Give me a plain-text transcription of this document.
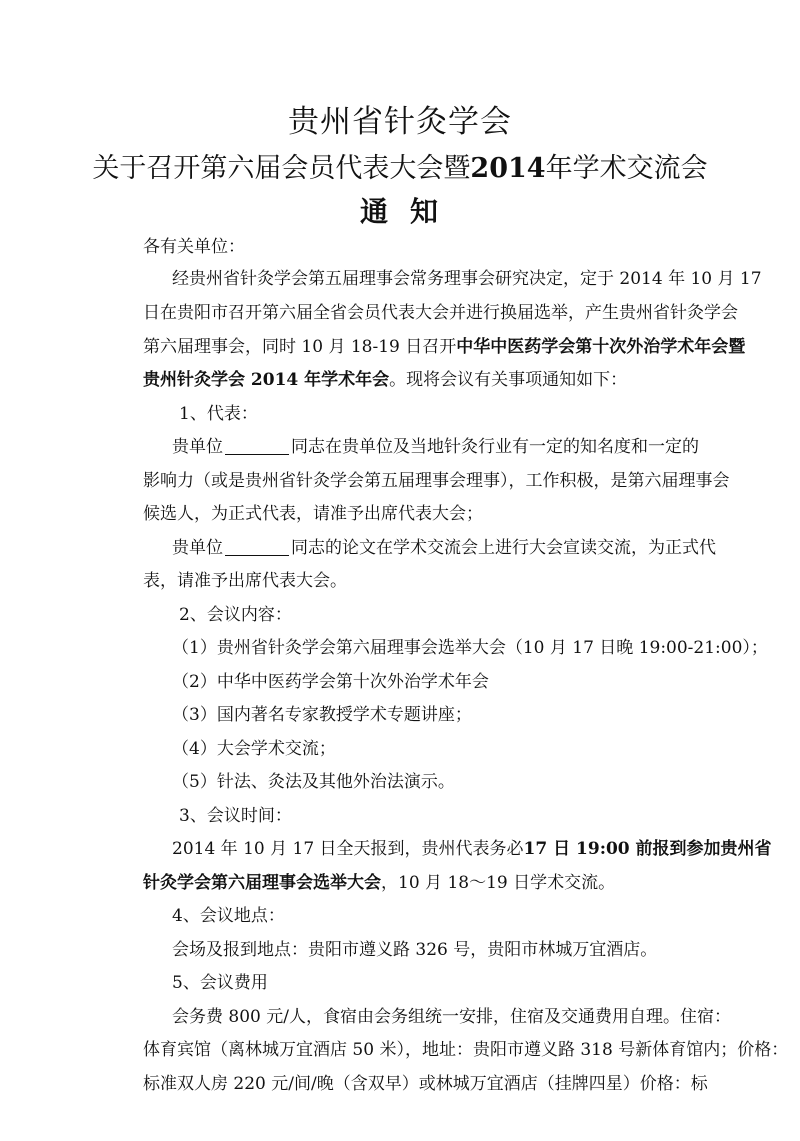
贵州省针灸学会
关于召开第六届会员代表大会暨2014年学术交流会
通知
各有关单位：
经贵州省针灸学会第五届理事会常务理事会研究决定，定于 2014 年 10 月 17
日在贵阳市召开第六届全省会员代表大会并进行换届选举，产生贵州省针灸学会
第六届理事会，同时 10 月 18-19 日召开中华中医药学会第十次外治学术年会暨
贵州针灸学会 2014 年学术年会。现将会议有关事项通知如下：
1、代表：
贵单位	同志在贵单位及当地针灸行业有一定的知名度和一定的
影响力（或是贵州省针灸学会第五届理事会理事），工作积极，是第六届理事会
候选人，为正式代表，请准予出席代表大会；
贵单位	同志的论文在学术交流会上进行大会宣读交流，为正式代
表，请准予出席代表大会。
2、会议内容：
（1）贵州省针灸学会第六届理事会选举大会（10 月 17 日晚 19:00-21:00）；
（2）中华中医药学会第十次外治学术年会
（3）国内著名专家教授学术专题讲座；
（4）大会学术交流；
（5）针法、灸法及其他外治法演示。
3、会议时间：
2014 年 10 月 17 日全天报到，贵州代表务必17 日 19:00 前报到参加贵州省
针灸学会第六届理事会选举大会，10 月 18～19 日学术交流。
4、会议地点：
会场及报到地点：贵阳市遵义路 326 号，贵阳市林城万宜酒店。
5、会议费用
会务费 800 元/人，食宿由会务组统一安排，住宿及交通费用自理。住宿：
体育宾馆（离林城万宜酒店 50 米），地址：贵阳市遵义路 318 号新体育馆内；价格：
标准双人房 220 元/间/晚（含双早）或林城万宜酒店（挂牌四星）价格：标
